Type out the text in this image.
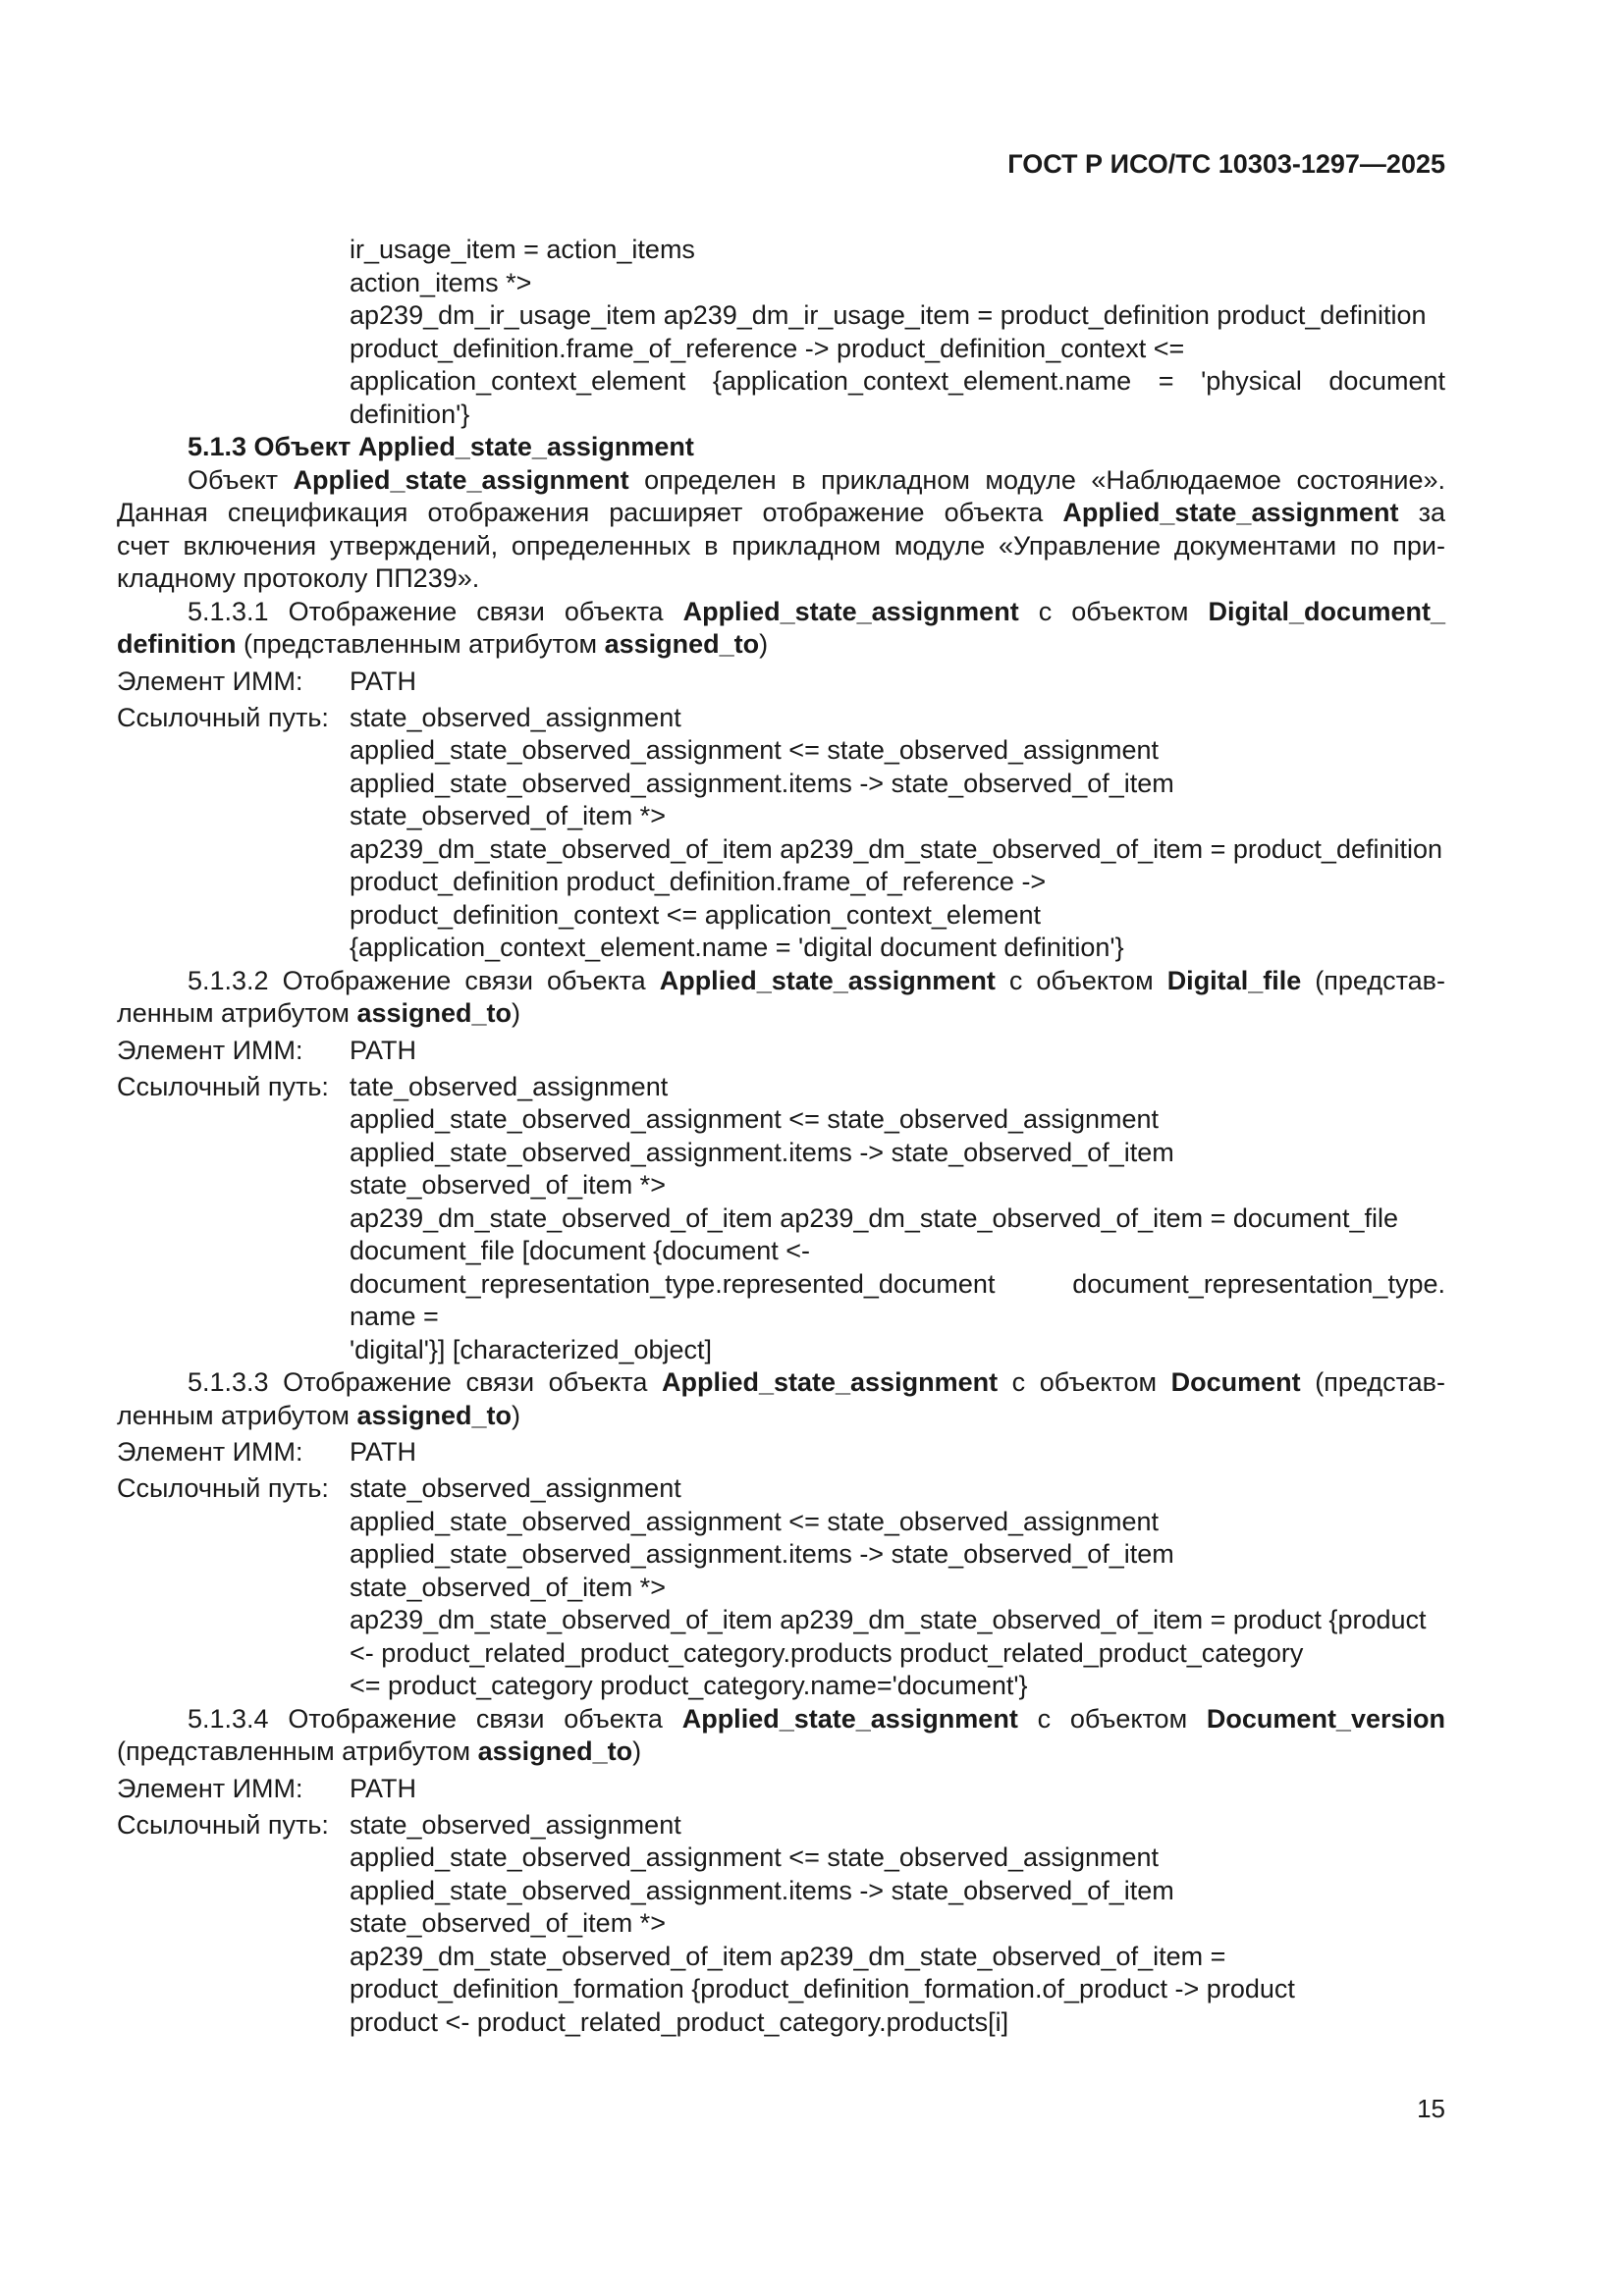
ГОСТ Р ИСО/ТС 10303-1297—2025
ir_usage_item = action_items
action_items *>
ap239_dm_ir_usage_item ap239_dm_ir_usage_item = product_definition product_definition
product_definition.frame_of_reference -> product_definition_context <=
application_context_element {application_context_element.name = 'physical document
definition'}
5.1.3 Объект Applied_state_assignment
Объект Applied_state_assignment определен в прикладном модуле «Наблюдаемое состояние».
Данная спецификация отображения расширяет отображение объекта Applied_state_assignment за
счет включения утверждений, определенных в прикладном модуле «Управление документами по при-
кладному протоколу ПП239».
5.1.3.1 Отображение связи объекта Applied_state_assignment с объектом Digital_document_
definition (представленным атрибутом assigned_to)
Элемент ИММ:	PATH
Ссылочный путь: state_observed_assignment
applied_state_observed_assignment <= state_observed_assignment
applied_state_observed_assignment.items -> state_observed_of_item
state_observed_of_item *>
ap239_dm_state_observed_of_item ap239_dm_state_observed_of_item = product_definition
product_definition product_definition.frame_of_reference ->
product_definition_context <= application_context_element
{application_context_element.name = 'digital document definition'}
5.1.3.2 Отображение связи объекта Applied_state_assignment с объектом Digital_file (представ-
ленным атрибутом assigned_to)
Элемент ИММ:	PATH
Ссылочный путь: tate_observed_assignment
applied_state_observed_assignment <= state_observed_assignment
applied_state_observed_assignment.items -> state_observed_of_item
state_observed_of_item *>
ap239_dm_state_observed_of_item ap239_dm_state_observed_of_item = document_file
document_file [document {document <-
document_representation_type.represented_document	document_representation_type.
name =
'digital'}] [characterized_object]
5.1.3.3 Отображение связи объекта Applied_state_assignment с объектом Document (представ-
ленным атрибутом assigned_to)
Элемент ИММ:	PATH
Ссылочный путь: state_observed_assignment
applied_state_observed_assignment <= state_observed_assignment
applied_state_observed_assignment.items -> state_observed_of_item
state_observed_of_item *>
ap239_dm_state_observed_of_item ap239_dm_state_observed_of_item = product {product
<- product_related_product_category.products product_related_product_category
<= product_category product_category.name='document'}
5.1.3.4 Отображение связи объекта Applied_state_assignment с объектом Document_version
(представленным атрибутом assigned_to)
Элемент ИММ:	PATH
Ссылочный путь: state_observed_assignment
applied_state_observed_assignment <= state_observed_assignment
applied_state_observed_assignment.items -> state_observed_of_item
state_observed_of_item *>
ap239_dm_state_observed_of_item ap239_dm_state_observed_of_item =
product_definition_formation {product_definition_formation.of_product -> product
product <- product_related_product_category.products[i]
15
